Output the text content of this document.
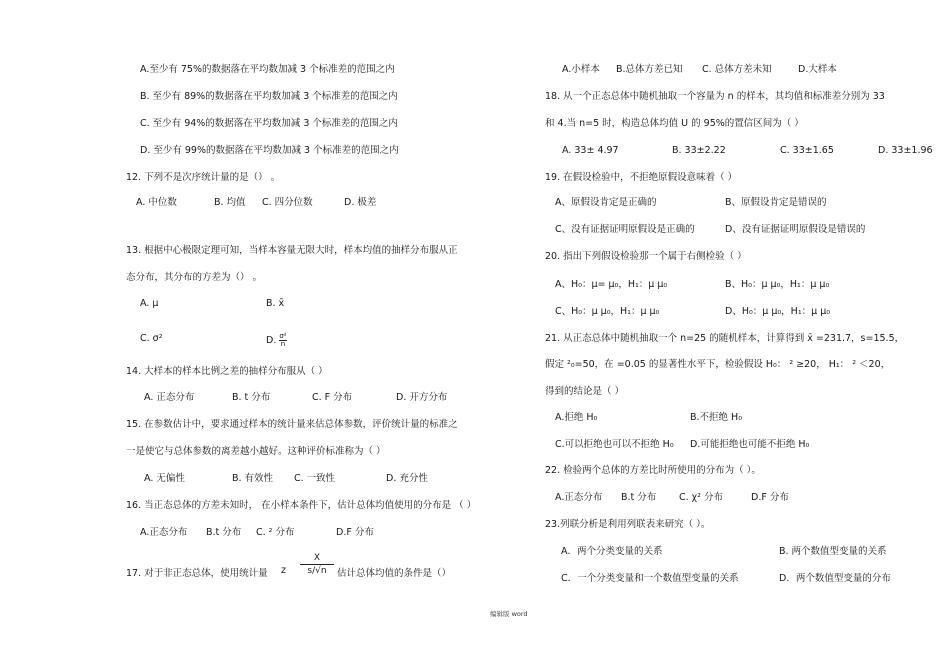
A.至少有 75%的数据落在平均数加减 3 个标准差的范围之内
B. 至少有 89%的数据落在平均数加减 3 个标准差的范围之内
C. 至少有 94%的数据落在平均数加减 3 个标准差的范围之内
D. 至少有 99%的数据落在平均数加减 3 个标准差的范围之内
12. 下列不是次序统计量的是（） 。
A. 中位数	B. 均值 C. 四分位数	D. 极差
13. 根据中心极限定理可知，当样本容量无限大时，样本均值的抽样分布服从正
态分布，其分布的方差为（） 。
A. μ	B. x̄
C. σ²	D. $\frac{\text{σ²}}{n}$
14. 大样本的样本比例之差的抽样分布服从（ ）
A. 正态分布	B. t 分布	C. F 分布	D. 开方分布
15. 在参数估计中，要求通过样本的统计量来估总体参数，评价统计量的标准之
一是使它与总体参数的离差越小越好。这种评价标准称为（ ）
A. 无偏性	B. 有效性 C. 一致性	D. 充分性
16. 当正态总体的方差未知时， 在小样本条件下，估计总体均值使用的分布是 （ ）
A.正态分布 B.t 分布 C. ² 分布	D.F 分布
17. 对于非正态总体，使用统计量 z
X
s/√n	估计总体均值的条件是（）
A.小样本 B.总体方差已知 C. 总体方差未知	D.大样本
18. 从一个正态总体中随机抽取一个容量为 n 的样本，其均值和标准差分别为 33
和 4.当 n=5 时，构造总体均值 U 的 95%的置信区间为（ ）
A. 33± 4.97	B. 33±2.22	C. 33±1.65	D. 33±1.96
19. 在假设检验中，不拒绝原假设意味着（ ）
A、原假设肯定是正确的	B、原假设肯定是错误的
C、没有证据证明原假设是正确的	D、没有证据证明原假设是错误的
20. 指出下列假设检验那一个属于右侧检验（ ）
A、H₀：μ= μ₀，H₁：μ μ₀	B、H₀：μ μ₀，H₁：μ μ₀
C、H₀：μ μ₀，H₁：μ μ₀	D、H₀：μ μ₀，H₁：μ μ₀
21. 从正态总体中随机抽取一个 n=25 的随机样本，计算得到 x̄ =231.7，s=15.5，
假定 ²₀=50，在 =0.05 的显著性水平下，检验假设 H₀： ² ≥20， H₁： ² ＜20，
得到的结论是（ ）
A.拒绝 H₀	B.不拒绝 H₀
C.可以拒绝也可以不拒绝 H₀ D.可能拒绝也可能不拒绝 H₀
22. 检验两个总体的方差比时所使用的分布为（ ）。
A.正态分布 B.t 分布 C. χ² 分布	D.F 分布
23.列联分析是利用列联表来研究（ ）。
A．两个分类变量的关系	B. 两个数值型变量的关系
C．一个分类变量和一个数值型变量的关系	D．两个数值型变量的分布
编辑版 word
